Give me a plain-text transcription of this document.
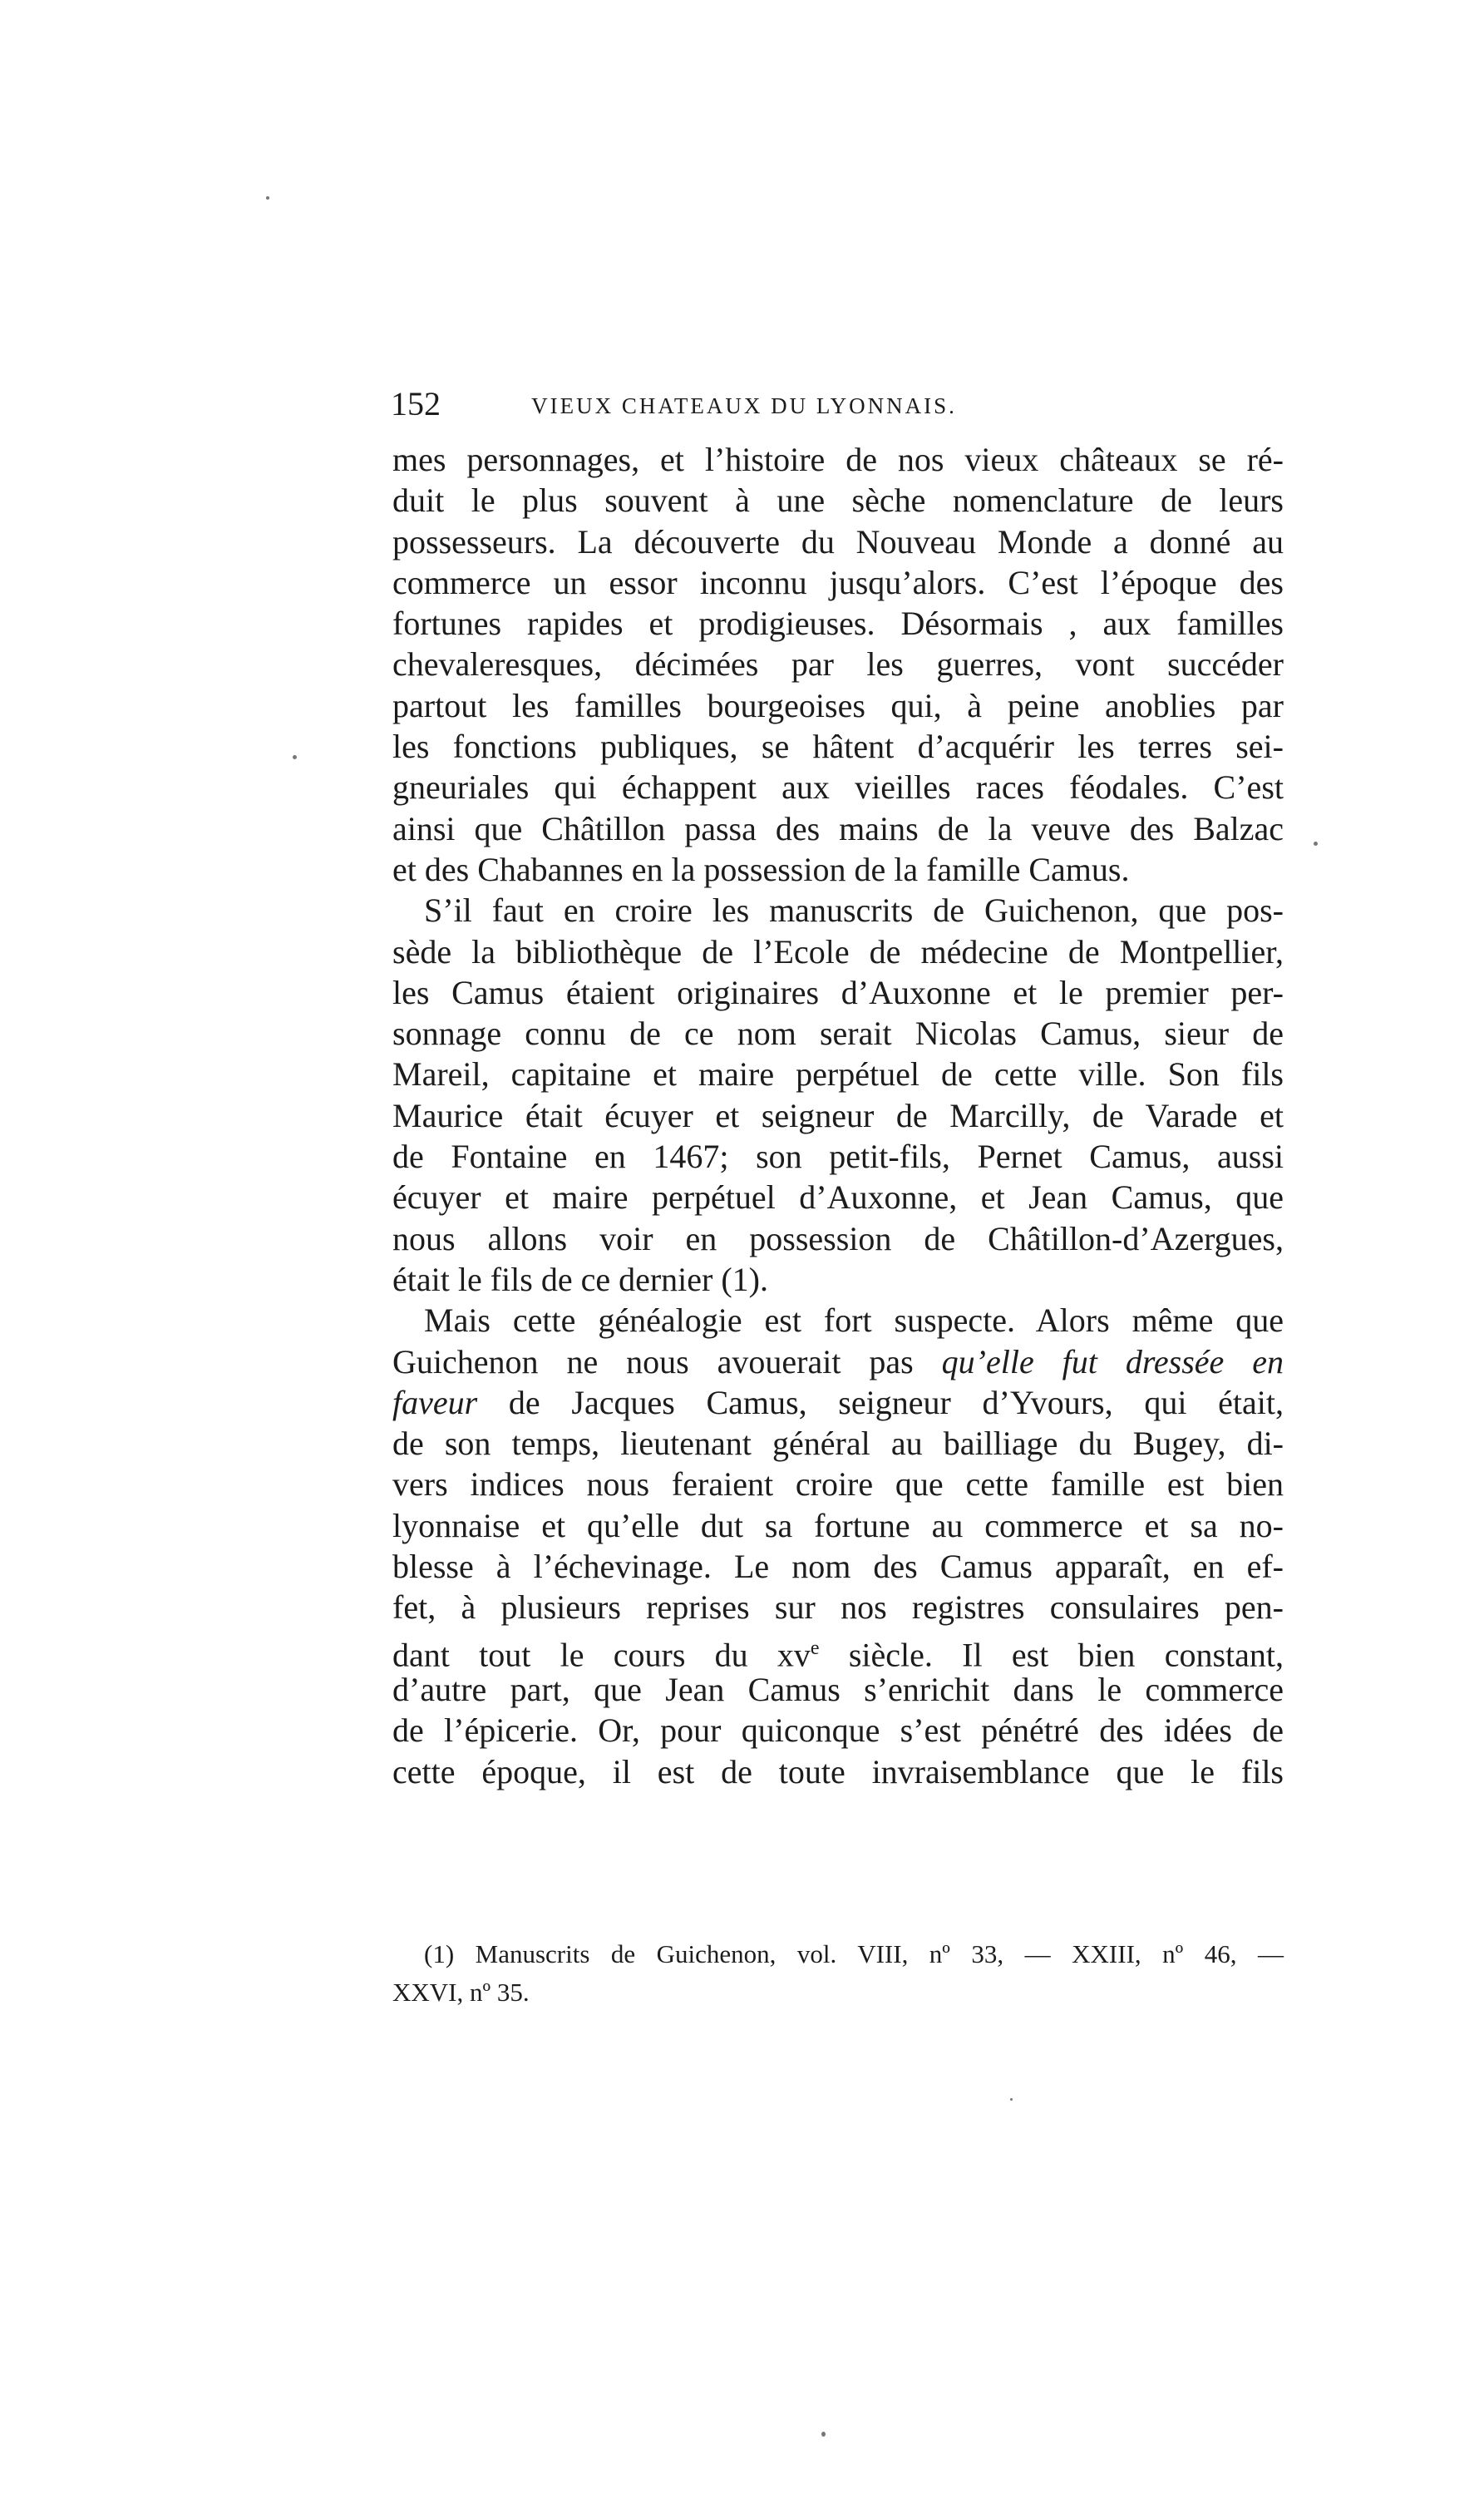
152	VIEUX CHATEAUX DU LYONNAIS.
mes personnages, et l’histoire de nos vieux châteaux se ré-
duit le plus souvent à une sèche nomenclature de leurs
possesseurs. La découverte du Nouveau Monde a donné au
commerce un essor inconnu jusqu’alors. C’est l’époque des
fortunes rapides et prodigieuses. Désormais , aux familles
chevaleresques, décimées par les guerres, vont succéder
partout les familles bourgeoises qui, à peine anoblies par
les fonctions publiques, se hâtent d’acquérir les terres sei-
gneuriales qui échappent aux vieilles races féodales. C’est
ainsi que Châtillon passa des mains de la veuve des Balzac
et des Chabannes en la possession de la famille Camus.
S’il faut en croire les manuscrits de Guichenon, que pos-
sède la bibliothèque de l’Ecole de médecine de Montpellier,
les Camus étaient originaires d’Auxonne et le premier per-
sonnage connu de ce nom serait Nicolas Camus, sieur de
Mareil, capitaine et maire perpétuel de cette ville. Son fils
Maurice était écuyer et seigneur de Marcilly, de Varade et
de Fontaine en 1467; son petit-fils, Pernet Camus, aussi
écuyer et maire perpétuel d’Auxonne, et Jean Camus, que
nous allons voir en possession de Châtillon-d’Azergues,
était le fils de ce dernier (1).
Mais cette généalogie est fort suspecte. Alors même que
Guichenon ne nous avouerait pas qu’elle fut dressée en
faveur de Jacques Camus, seigneur d’Yvours, qui était,
de son temps, lieutenant général au bailliage du Bugey, di-
vers indices nous feraient croire que cette famille est bien
lyonnaise et qu’elle dut sa fortune au commerce et sa no-
blesse à l’échevinage. Le nom des Camus apparaît, en ef-
fet, à plusieurs reprises sur nos registres consulaires pen-
dant tout le cours du $xv^e$ siècle. Il est bien constant,
d’autre part, que Jean Camus s’enrichit dans le commerce
de l’épicerie. Or, pour quiconque s’est pénétré des idées de
cette époque, il est de toute invraisemblance que le fils
(1) Manuscrits de Guichenon, vol. VIII, nº 33, — XXIII, nº 46, —
XXVI, nº 35.
